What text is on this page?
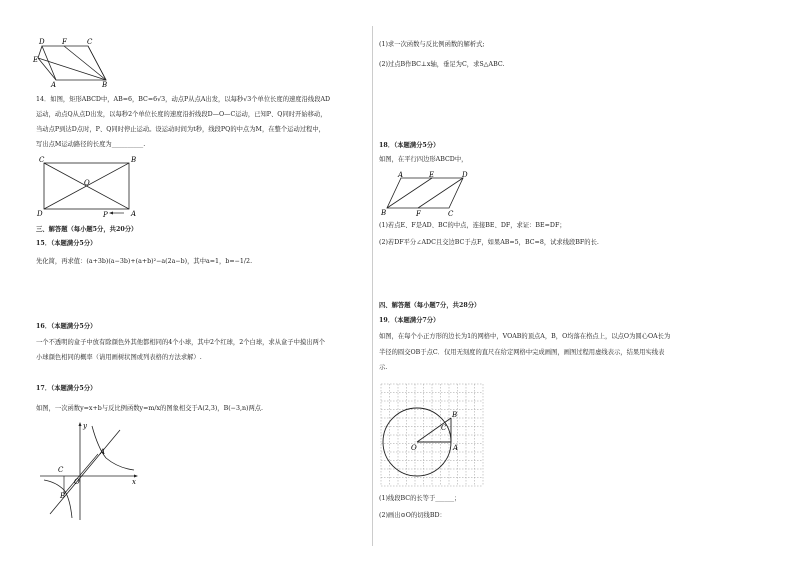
D F	C
E
A	B
14．如图，矩形ABCD中，AB=6，BC=6√3，动点P从点A出发，以每秒√3个单位长度的速度沿线段AD
运动，动点Q从点D出发，以每秒2个单位长度的速度沿折线段D—O—C运动，已知P、Q同时开始移动，
当动点P到达D点时，P、Q同时停止运动。设运动时间为t秒，线段PQ的中点为M，在整个运动过程中，
写出点M运动路径的长度为__________.
C	B
O
D	P	A
三、解答题（每小题5分，共20分）
15．（本题满分5分）
先化简，再求值：(a+3b)(a−3b)+(a+b)²−a(2a−b)，其中a=1，b=−1/2.
16．（本题满分5分）
一个不透明的盒子中放有除颜色外其他都相同的4个小球，其中2个红球，2个白球，求从盒子中摸出两个
小球颜色相同的概率（请用画树状图或列表格的方法求解）.
17．（本题满分5分）
如图，一次函数y=x+b与反比例函数y=m/x的图象相交于A(2,3)，B(−3,n)两点.
y
A
C
O
B
x
(1)求一次函数与反比例函数的解析式;
(2)过点B作BC⊥x轴，垂足为C，求S△ABC.
18．（本题满分5分）
如图，在平行四边形ABCD中，
A	E	D
B	F	C
(1)若点E、F是AD、BC的中点，连接BE、DF，求证：BE=DF；
(2)若DF平分∠ADC且交边BC于点F，如果AB=5，BC=8，试求线段BF的长.
四、解答题（每小题7分，共28分）
19．（本题满分7分）
如图，在每个小正方形的边长为1的网格中，VOAB的顶点A，B，O均落在格点上，以点O为圆心OA长为
半径的圆交OB于点C．仅用无刻度的直尺在给定网格中完成画图，画图过程用虚线表示，结果用实线表
示.
B
C
O	A
(1)线段BC的长等于______；
(2)画出⊙O的切线BD：
